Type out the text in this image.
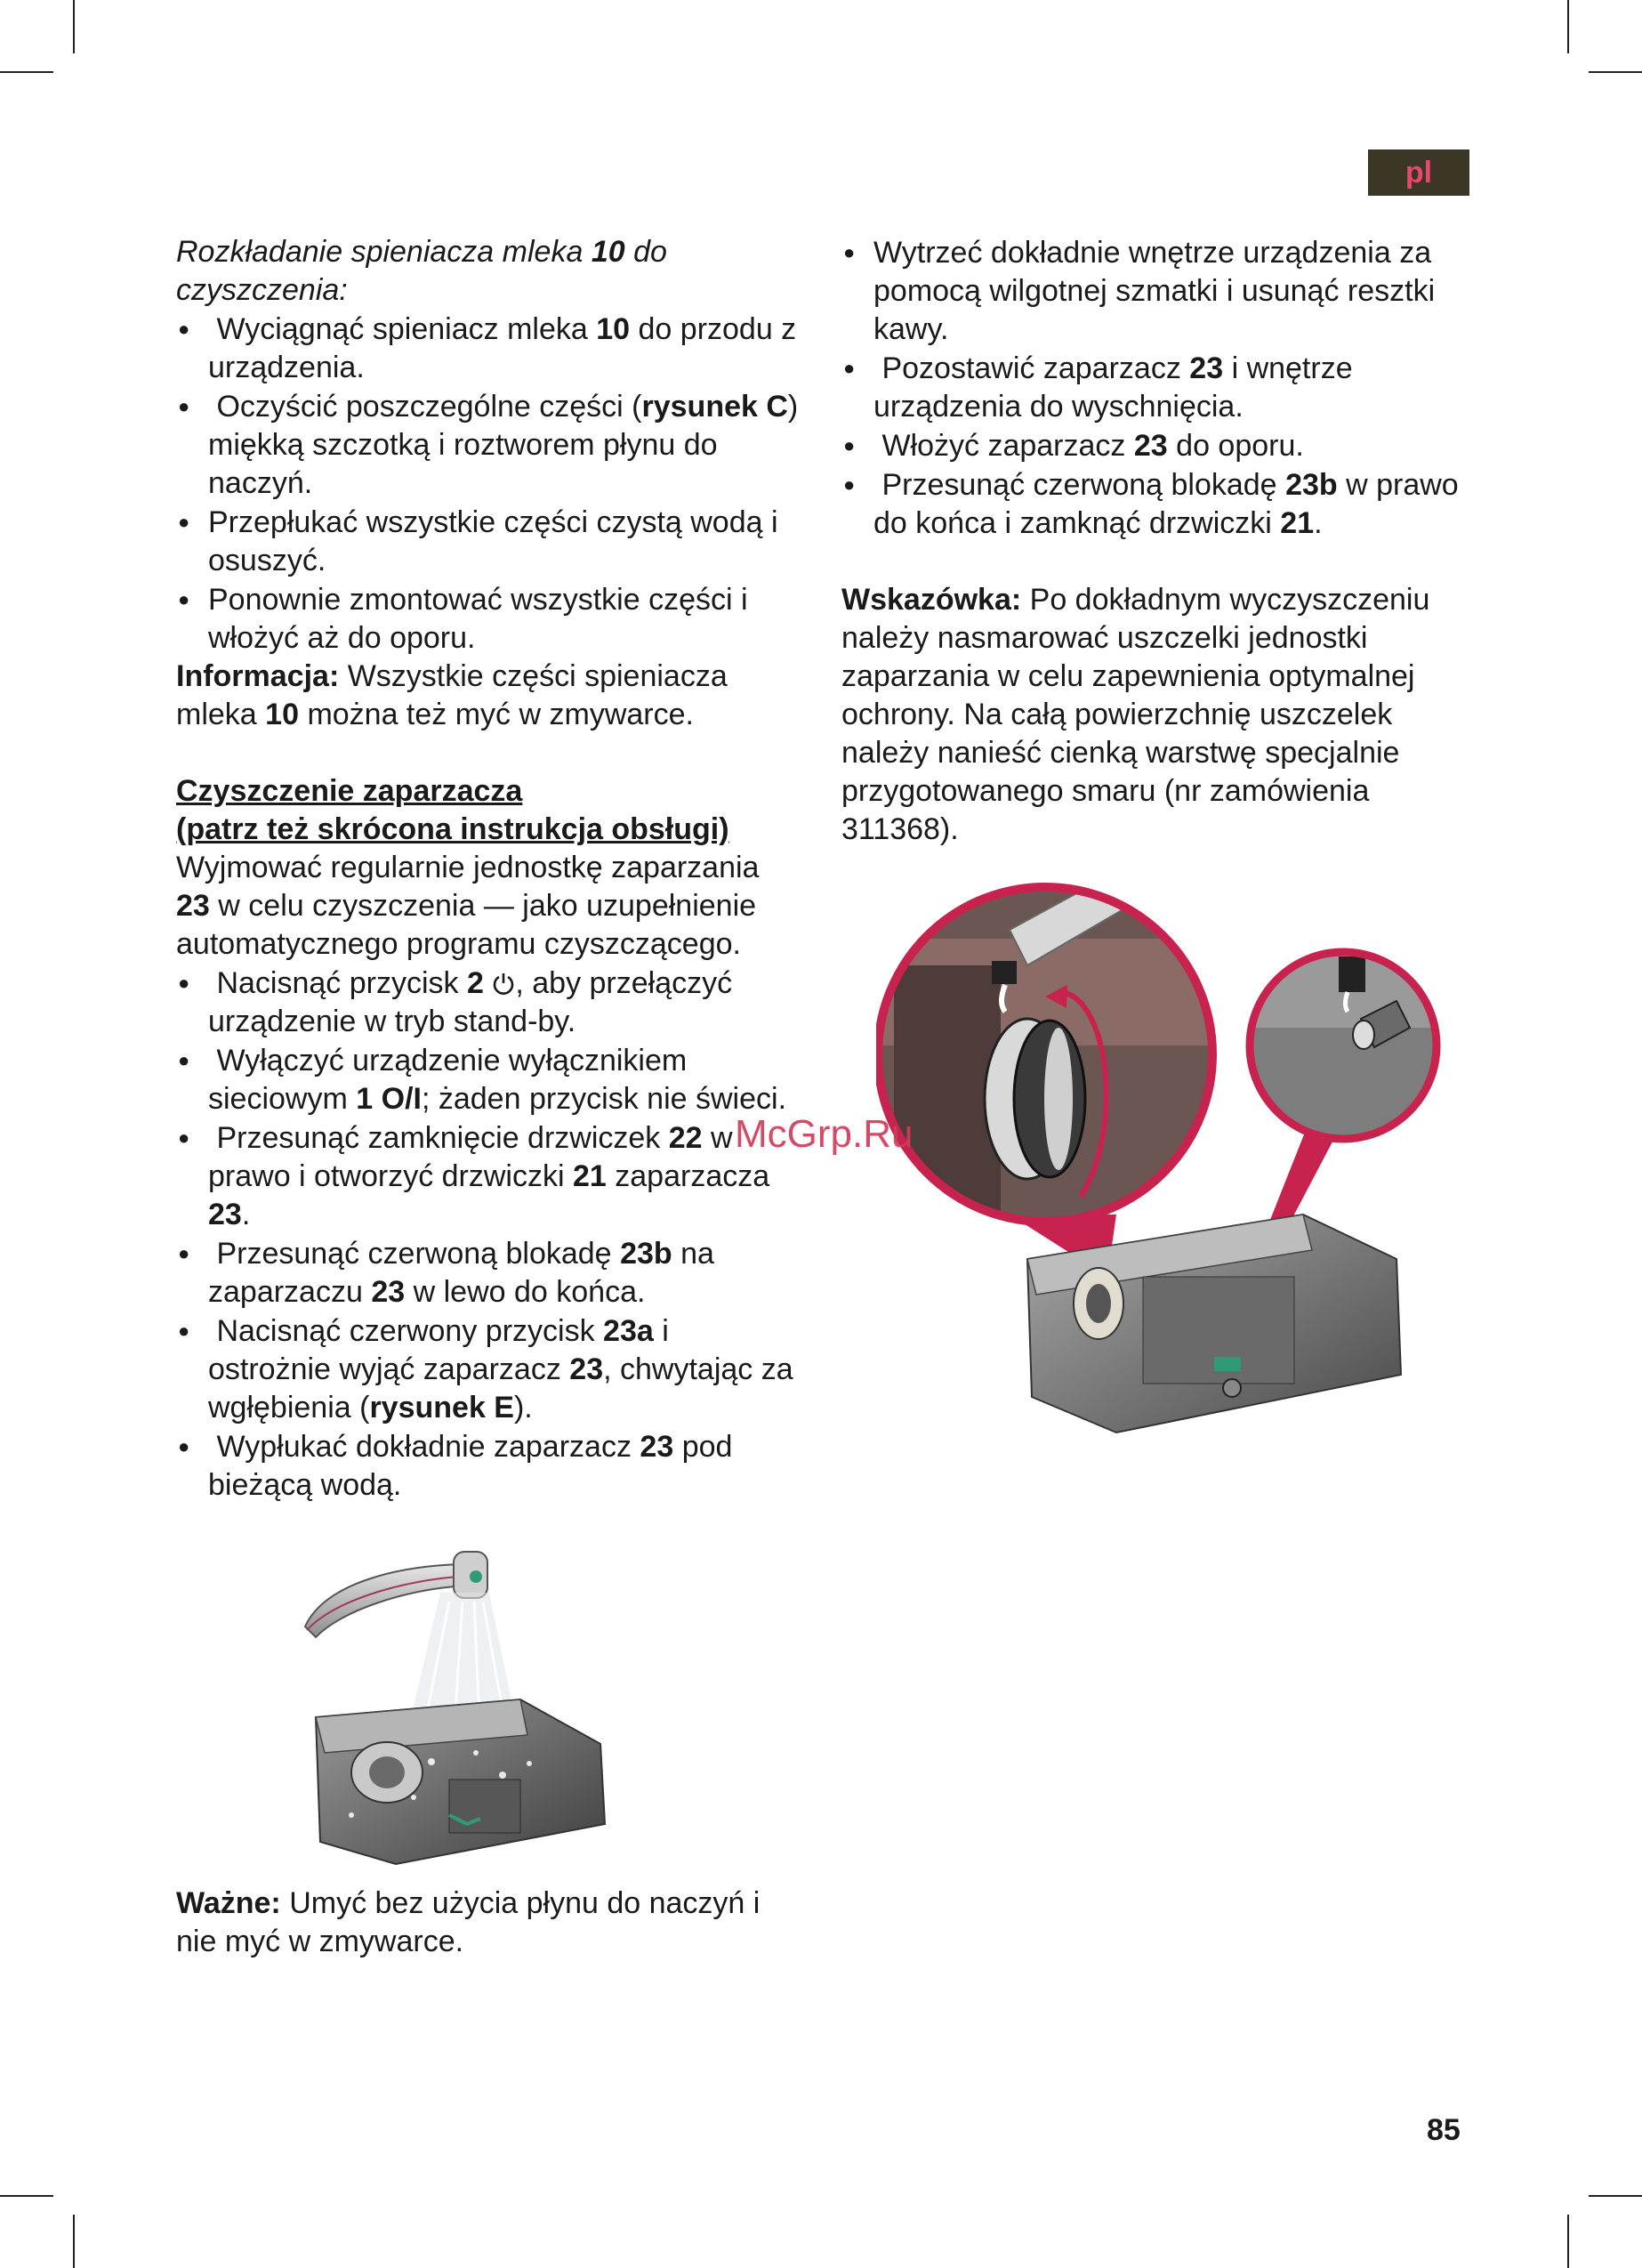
pl

Rozkładanie spieniacza mleka 10 do czyszczenia:

● Wyciągnąć spieniacz mleka 10 do przodu z urządzenia.

● Oczyścić poszczególne części (rysunek C) miękką szczotką i roztworem płynu do naczyń.

● Przepłukać wszystkie części czystą wodą i osuszyć.

● Ponownie zmontować wszystkie części i włożyć aż do oporu.

Informacja: Wszystkie części spieniacza mleka 10 można też myć w zmywarce.

Czyszczenie zaparzacza

(patrz też skrócona instrukcja obsługi)

Wyjmować regularnie jednostkę zaparzania 23 w celu czyszczenia — jako uzupełnienie automatycznego programu czyszczącego.

● Nacisnąć przycisk 2 , aby przełączyć urządzenie w tryb stand-by.

● Wyłączyć urządzenie wyłącznikiem sieciowym 1 O/I; żaden przycisk nie świeci.

● Przesunąć zamknięcie drzwiczek 22 w prawo i otworzyć drzwiczki 21 zaparzacza 23.

● Przesunąć czerwoną blokadę 23b na zaparzaczu 23 w lewo do końca.

● Nacisnąć czerwony przycisk 23a i ostrożnie wyjąć zaparzacz 23, chwytając za wgłębienia (rysunek E).

● Wypłukać dokładnie zaparzacz 23 pod bieżącą wodą.

Ważne: Umyć bez użycia płynu do naczyń i nie myć w zmywarce.

● Wytrzeć dokładnie wnętrze urządzenia za pomocą wilgotnej szmatki i usunąć resztki kawy.

● Pozostawić zaparzacz 23 i wnętrze urządzenia do wyschnięcia.

● Włożyć zaparzacz 23 do oporu.

● Przesunąć czerwoną blokadę 23b w prawo do końca i zamknąć drzwiczki 21.

Wskazówka: Po dokładnym wyczyszczeniu należy nasmarować uszczelki jednostki zaparzania w celu zapewnienia optymalnej ochrony. Na całą powierzchnię uszczelek należy nanieść cienką warstwę specjalnie przygotowanego smaru (nr zamówienia 311368).

McGrp.Ru
85
